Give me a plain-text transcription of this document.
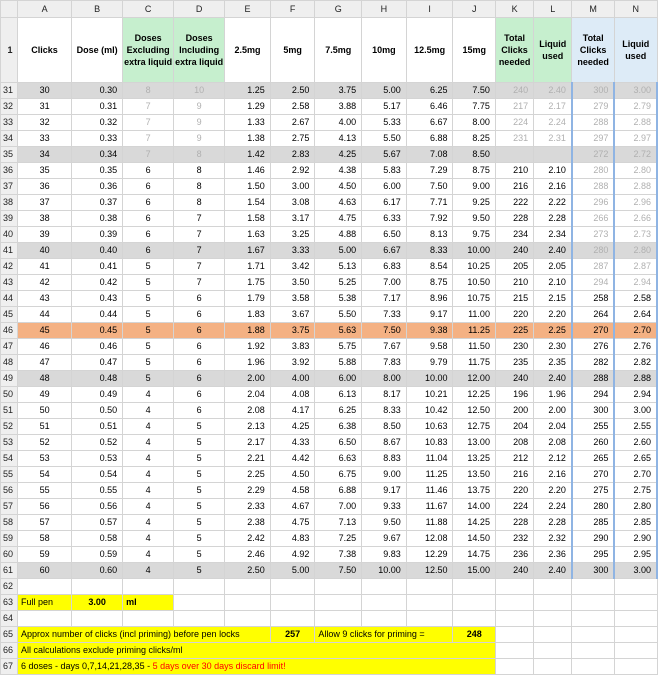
	A	B	C	D	E	F	G	H	I	J	K	L	M	N
1	Clicks	Dose (ml)	Doses Excluding extra liquid	Doses Including extra liquid	2.5mg	5mg	7.5mg	10mg	12.5mg	15mg	Total Clicks needed	Liquid used	Total Clicks needed	Liquid used
31	30	0.30	8	10	1.25	2.50	3.75	5.00	6.25	7.50	240	2.40	300	3.00
32	31	0.31	7	9	1.29	2.58	3.88	5.17	6.46	7.75	217	2.17	279	2.79
33	32	0.32	7	9	1.33	2.67	4.00	5.33	6.67	8.00	224	2.24	288	2.88
34	33	0.33	7	9	1.38	2.75	4.13	5.50	6.88	8.25	231	2.31	297	2.97
35	34	0.34	7	8	1.42	2.83	4.25	5.67	7.08	8.50			272	2.72
36	35	0.35	6	8	1.46	2.92	4.38	5.83	7.29	8.75	210	2.10	280	2.80
37	36	0.36	6	8	1.50	3.00	4.50	6.00	7.50	9.00	216	2.16	288	2.88
38	37	0.37	6	8	1.54	3.08	4.63	6.17	7.71	9.25	222	2.22	296	2.96
39	38	0.38	6	7	1.58	3.17	4.75	6.33	7.92	9.50	228	2.28	266	2.66
40	39	0.39	6	7	1.63	3.25	4.88	6.50	8.13	9.75	234	2.34	273	2.73
41	40	0.40	6	7	1.67	3.33	5.00	6.67	8.33	10.00	240	2.40	280	2.80
42	41	0.41	5	7	1.71	3.42	5.13	6.83	8.54	10.25	205	2.05	287	2.87
43	42	0.42	5	7	1.75	3.50	5.25	7.00	8.75	10.50	210	2.10	294	2.94
44	43	0.43	5	6	1.79	3.58	5.38	7.17	8.96	10.75	215	2.15	258	2.58
45	44	0.44	5	6	1.83	3.67	5.50	7.33	9.17	11.00	220	2.20	264	2.64
46	45	0.45	5	6	1.88	3.75	5.63	7.50	9.38	11.25	225	2.25	270	2.70
47	46	0.46	5	6	1.92	3.83	5.75	7.67	9.58	11.50	230	2.30	276	2.76
48	47	0.47	5	6	1.96	3.92	5.88	7.83	9.79	11.75	235	2.35	282	2.82
49	48	0.48	5	6	2.00	4.00	6.00	8.00	10.00	12.00	240	2.40	288	2.88
50	49	0.49	4	6	2.04	4.08	6.13	8.17	10.21	12.25	196	1.96	294	2.94
51	50	0.50	4	6	2.08	4.17	6.25	8.33	10.42	12.50	200	2.00	300	3.00
52	51	0.51	4	5	2.13	4.25	6.38	8.50	10.63	12.75	204	2.04	255	2.55
53	52	0.52	4	5	2.17	4.33	6.50	8.67	10.83	13.00	208	2.08	260	2.60
54	53	0.53	4	5	2.21	4.42	6.63	8.83	11.04	13.25	212	2.12	265	2.65
55	54	0.54	4	5	2.25	4.50	6.75	9.00	11.25	13.50	216	2.16	270	2.70
56	55	0.55	4	5	2.29	4.58	6.88	9.17	11.46	13.75	220	2.20	275	2.75
57	56	0.56	4	5	2.33	4.67	7.00	9.33	11.67	14.00	224	2.24	280	2.80
58	57	0.57	4	5	2.38	4.75	7.13	9.50	11.88	14.25	228	2.28	285	2.85
59	58	0.58	4	5	2.42	4.83	7.25	9.67	12.08	14.50	232	2.32	290	2.90
60	59	0.59	4	5	2.46	4.92	7.38	9.83	12.29	14.75	236	2.36	295	2.95
61	60	0.60	4	5	2.50	5.00	7.50	10.00	12.50	15.00	240	2.40	300	3.00
62														
63	Full pen	3.00	ml											
64														
65	Approx number of clicks (incl priming) before pen locks					257	Allow 9 clicks for priming =			248				
66	All calculations exclude priming clicks/ml													
67	6 doses - days 0,7,14,21,28,35 - 5 days over 30 days discard limit!													
